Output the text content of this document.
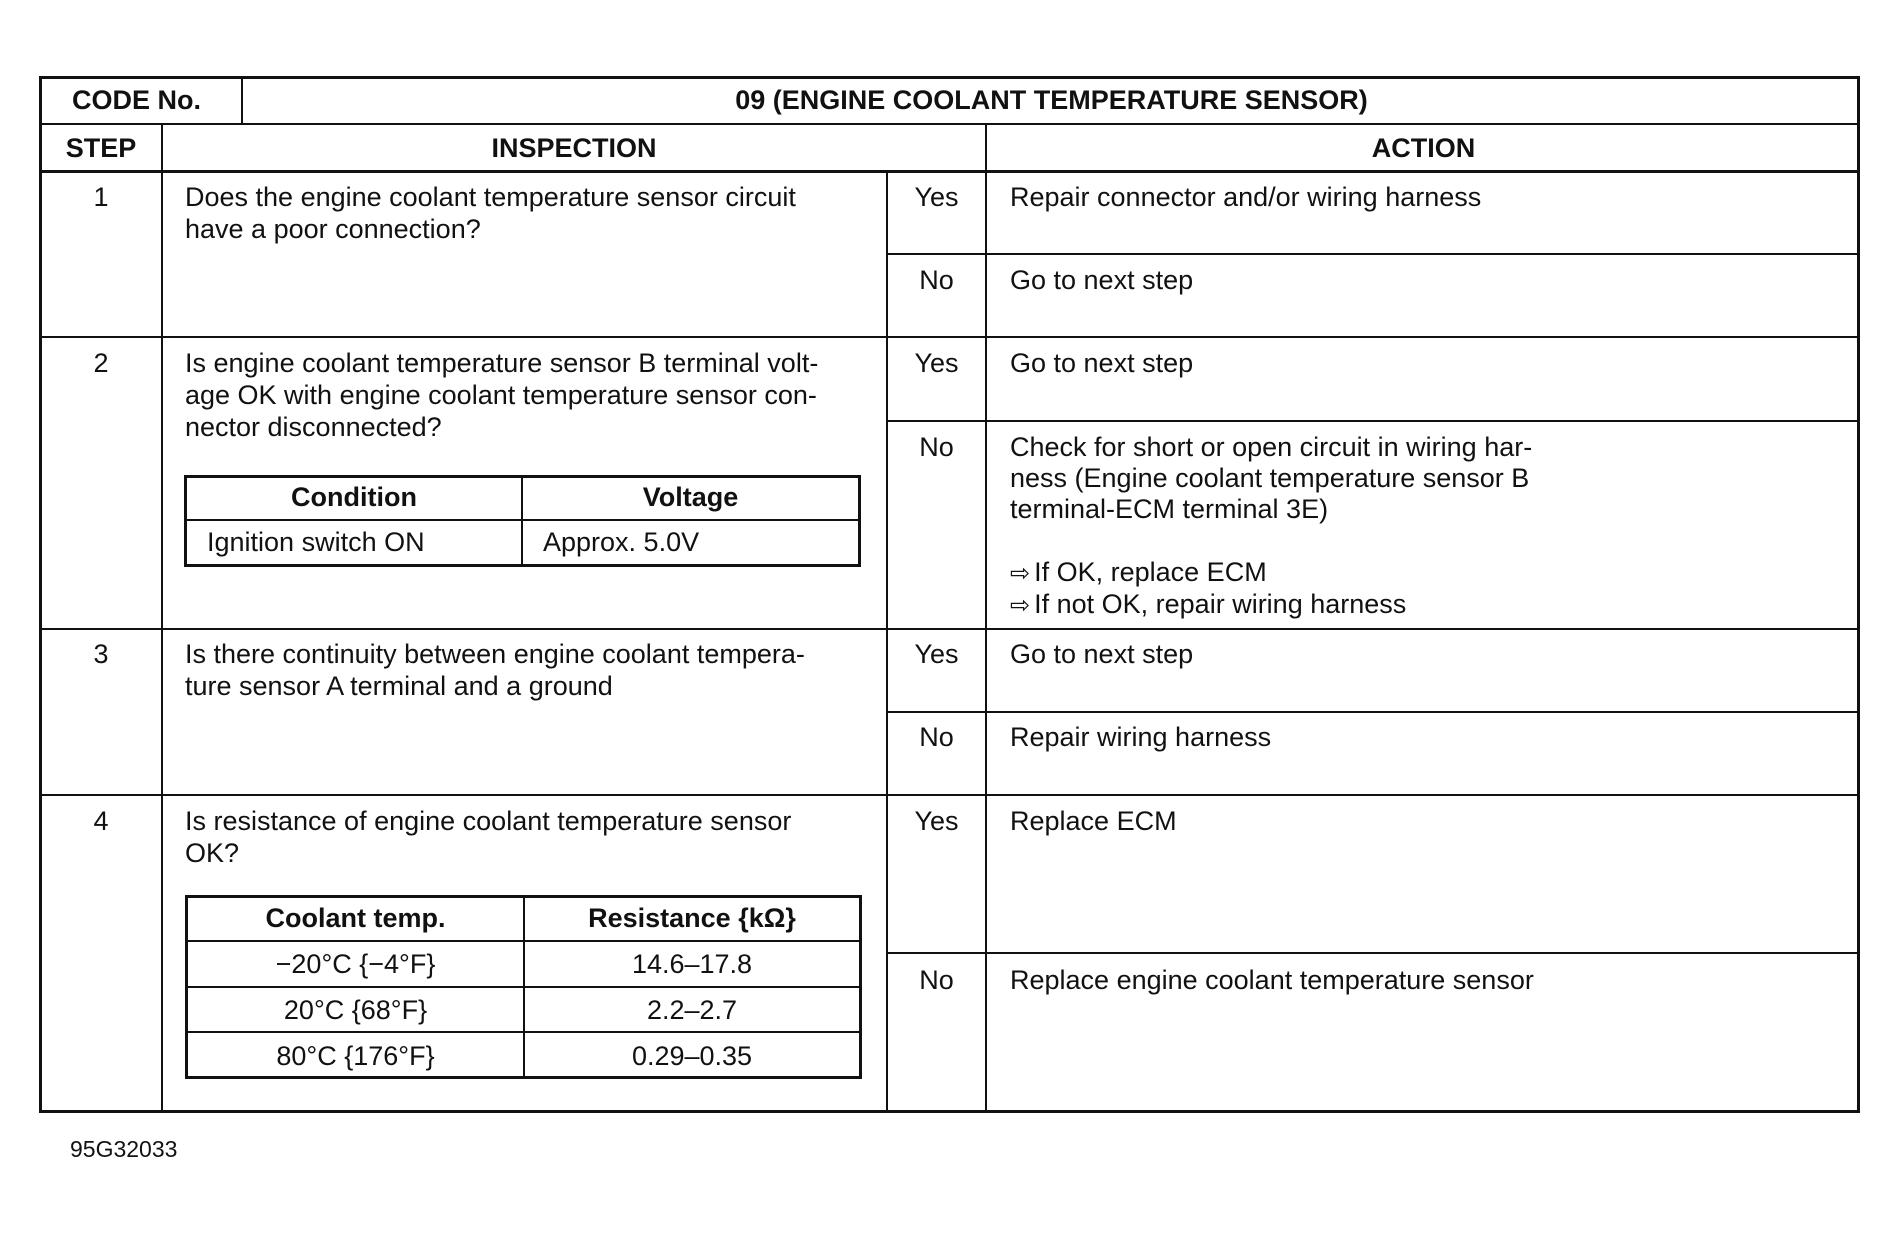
CODE No.	09 (ENGINE COOLANT TEMPERATURE SENSOR)
STEP	INSPECTION	ACTION
1	Does the engine coolant temperature sensor circuit
have a poor connection?
Yes	Repair connector and/or wiring harness
No	Go to next step
2	Is engine coolant temperature sensor B terminal volt-
age OK with engine coolant temperature sensor con-
nector disconnected?
Condition	Voltage
Ignition switch ON	Approx. 5.0V
Yes	Go to next step
No	Check for short or open circuit in wiring har-
ness (Engine coolant temperature sensor B
terminal-ECM terminal 3E)
⇨ If OK, replace ECM
⇨ If not OK, repair wiring harness
3	Is there continuity between engine coolant tempera-
ture sensor A terminal and a ground
Yes	Go to next step
No	Repair wiring harness
4	Is resistance of engine coolant temperature sensor
OK?
Coolant temp.	Resistance {kΩ}
−20°C {−4°F}	14.6–17.8
20°C {68°F}	2.2–2.7
80°C {176°F}	0.29–0.35
Yes	Replace ECM
No	Replace engine coolant temperature sensor
95G32033
